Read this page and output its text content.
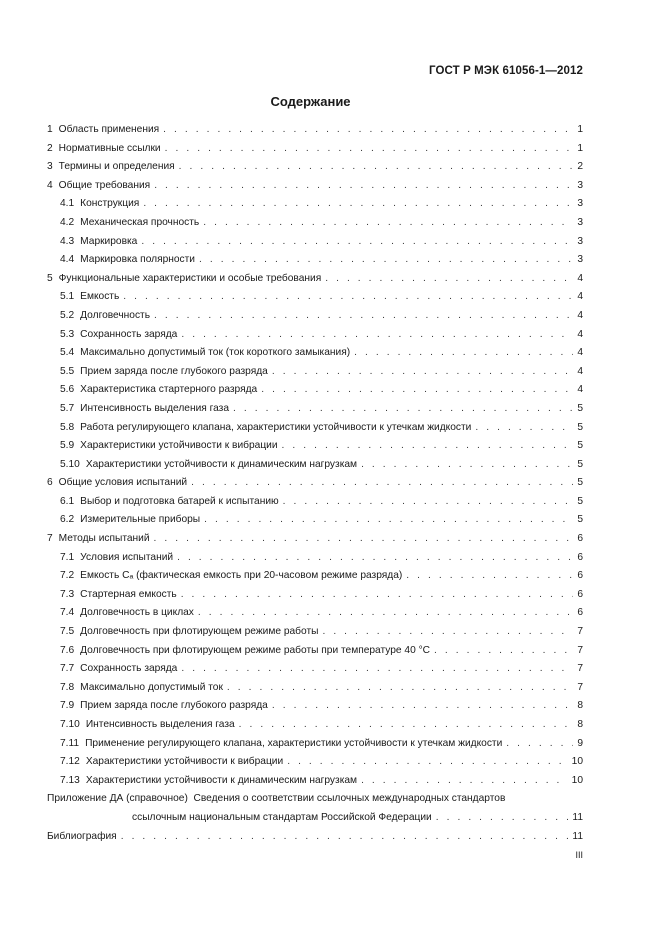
ГОСТ Р МЭК 61056-1—2012
Содержание
1 Область применения . . .	1
2 Нормативные ссылки . . .	1
3 Термины и определения . . .	2
4 Общие требования . . .	3
4.1 Конструкция . . .	3
4.2 Механическая прочность . . .	3
4.3 Маркировка . . .	3
4.4 Маркировка полярности . . .	3
5 Функциональные характеристики и особые требования . . .	4
5.1 Емкость . . .	4
5.2 Долговечность . . .	4
5.3 Сохранность заряда . . .	4
5.4 Максимально допустимый ток (ток короткого замыкания) . . .	4
5.5 Прием заряда после глубокого разряда . . .	4
5.6 Характеристика стартерного разряда . . .	4
5.7 Интенсивность выделения газа . . .	5
5.8 Работа регулирующего клапана, характеристики устойчивости к утечкам жидкости . . .	5
5.9 Характеристики устойчивости к вибрации . . .	5
5.10 Характеристики устойчивости к динамическим нагрузкам . . .	5
6 Общие условия испытаний . . .	5
6.1 Выбор и подготовка батарей к испытанию . . .	5
6.2 Измерительные приборы . . .	5
7 Методы испытаний . . .	6
7.1 Условия испытаний . . .	6
7.2 Емкость Cₐ (фактическая емкость при 20-часовом режиме разряда) . . .	6
7.3 Стартерная емкость . . .	6
7.4 Долговечность в циклах . . .	6
7.5 Долговечность при флотирующем режиме работы . . .	7
7.6 Долговечность при флотирующем режиме работы при температуре 40 °С . . .	7
7.7 Сохранность заряда . . .	7
7.8 Максимально допустимый ток . . .	7
7.9 Прием заряда после глубокого разряда . . .	8
7.10 Интенсивность выделения газа . . .	8
7.11 Применение регулирующего клапана, характеристики устойчивости к утечкам жидкости . . .	9
7.12 Характеристики устойчивости к вибрации . . .	10
7.13 Характеристики устойчивости к динамическим нагрузкам . . .	10
Приложение ДА (справочное) Сведения о соответствии ссылочных международных стандартов
ссылочным национальным стандартам Российской Федерации . . .	11
Библиография . . .	11
III
